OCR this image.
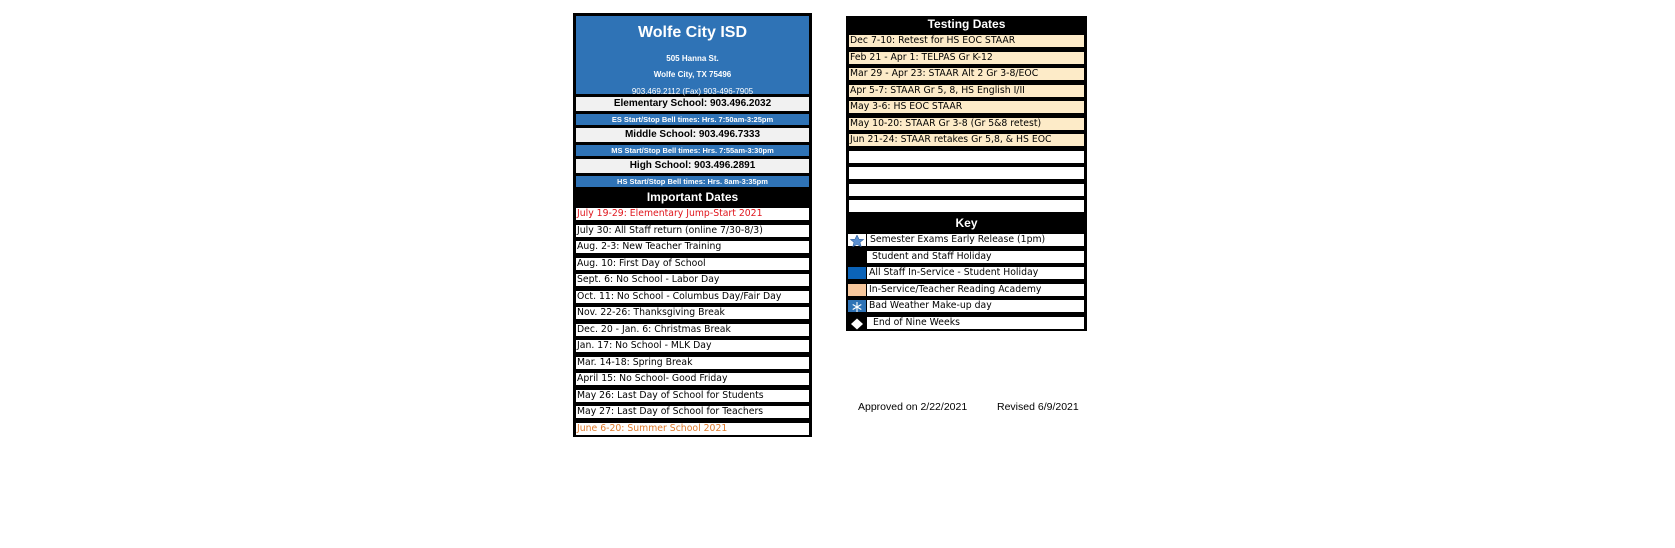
Wolfe City ISD
505 Hanna St.
Wolfe City, TX 75496
903.469.2112 (Fax) 903-496-7905
Elementary School: 903.496.2032
ES Start/Stop Bell times: Hrs. 7:50am-3:25pm
Middle School: 903.496.7333
MS Start/Stop Bell times: Hrs. 7:55am-3:30pm
High School: 903.496.2891
HS Start/Stop Bell times: Hrs. 8am-3:35pm
Important Dates
July 19-29: Elementary Jump-Start 2021
July 30: All Staff return (online 7/30-8/3)
Aug. 2-3: New Teacher Training
Aug. 10: First Day of School
Sept. 6: No School - Labor Day
Oct. 11: No School - Columbus Day/Fair Day
Nov. 22-26: Thanksgiving Break
Dec. 20 - Jan. 6: Christmas Break
Jan. 17: No School - MLK Day
Mar. 14-18: Spring Break
April 15: No School- Good Friday
May 26: Last Day of School for Students
May 27: Last Day of School for Teachers
June 6-20: Summer School 2021
Testing Dates
Dec 7-10: Retest for HS EOC STAAR
Feb 21 - Apr 1: TELPAS Gr K-12
Mar 29 - Apr 23: STAAR Alt 2 Gr 3-8/EOC
Apr 5-7: STAAR Gr 5, 8, HS English I/II
May 3-6: HS EOC STAAR
May 10-20: STAAR Gr 3-8 (Gr 5&8 retest)
Jun 21-24: STAAR retakes Gr 5,8, & HS EOC
Key
Semester Exams Early Release (1pm)
Student and Staff Holiday
All Staff In-Service - Student Holiday
In-Service/Teacher Reading Academy
Bad Weather Make-up day
End of Nine Weeks
Approved on 2/22/2021	Revised 6/9/2021
